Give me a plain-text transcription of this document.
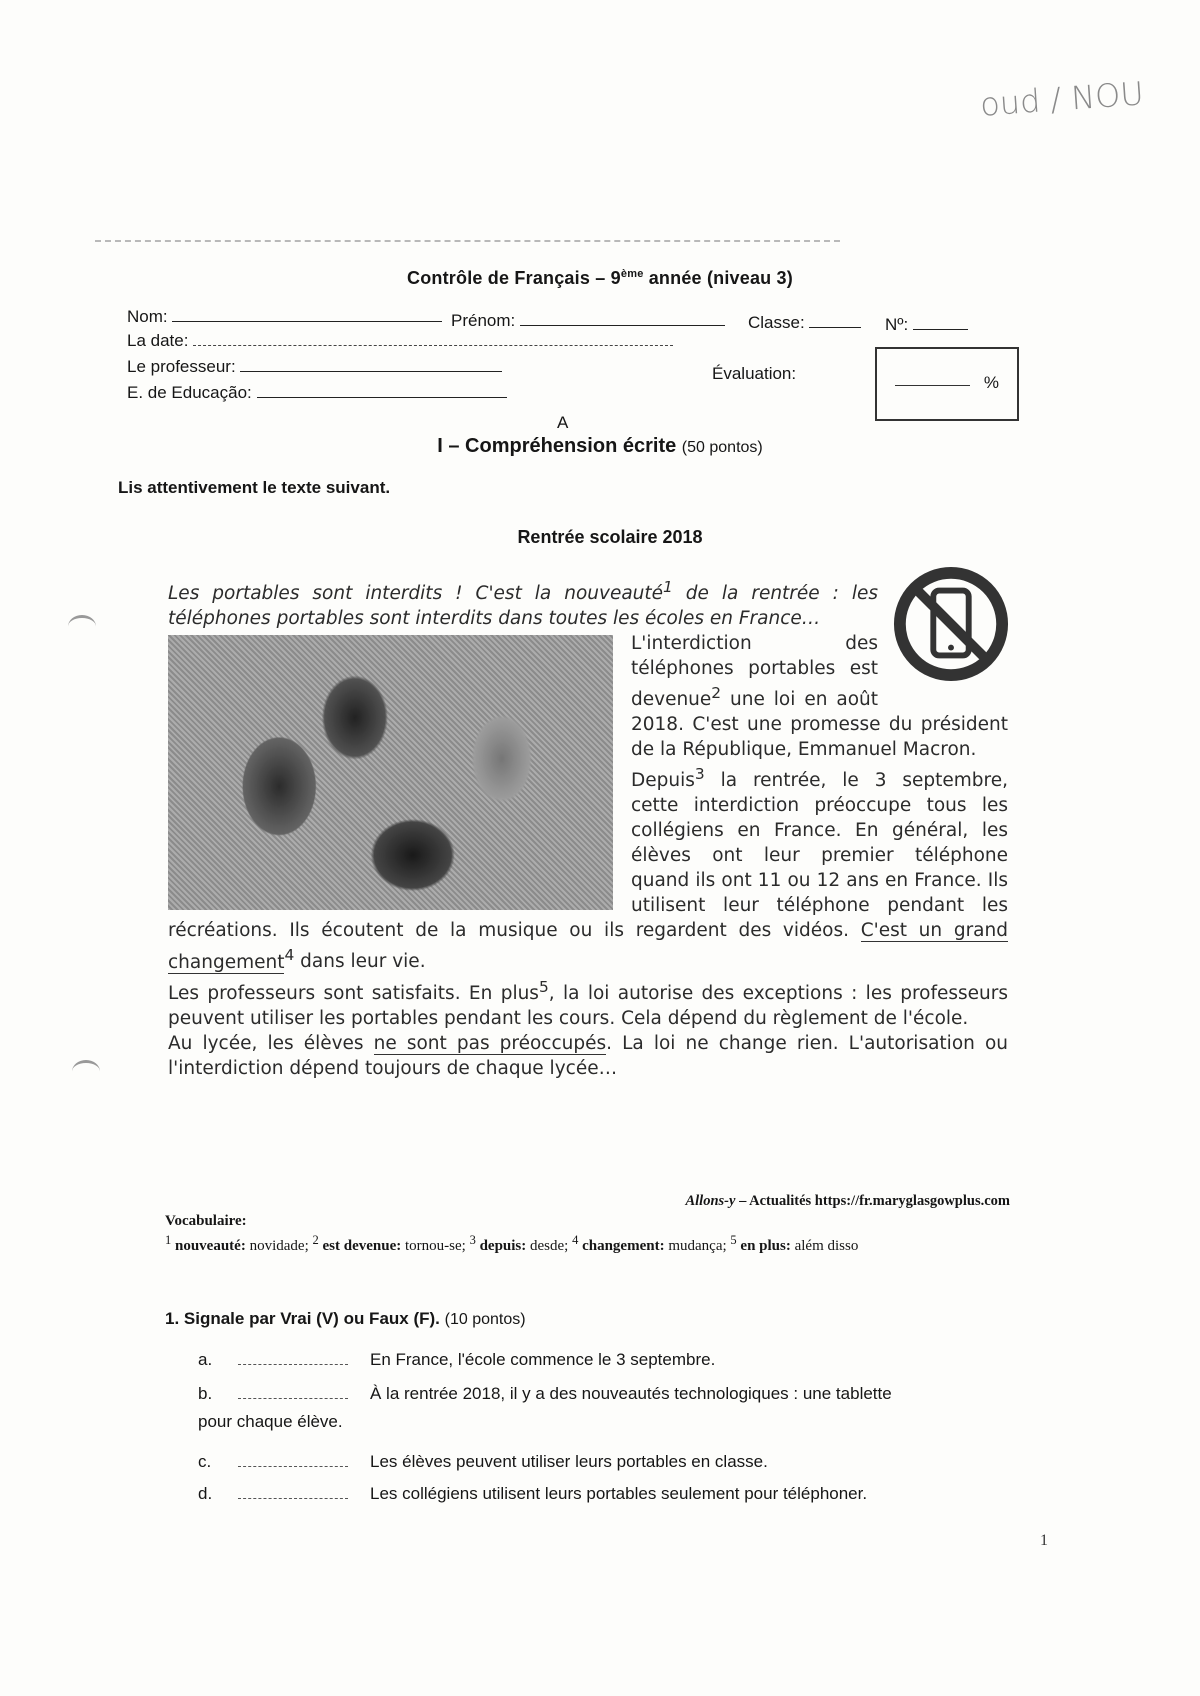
oud / NOU
Contrôle de Français – 9ème année (niveau 3)
Nom:	Prénom:	Classe:	Nº:
La date:
Le professeur:	Évaluation:
E. de Educação:
%
A
I – Compréhension écrite (50 pontos)
Lis attentivement le texte suivant.
Rentrée scolaire 2018

Les portables sont interdits ! C'est la nouveauté$^1$ de la rentrée : les téléphones portables sont interdits dans toutes les écoles en France…

L'interdiction des téléphones portables est devenue$^2$ une loi en août 2018. C'est une promesse du président de la République, Emmanuel Macron.

Depuis$^3$ la rentrée, le 3 septembre, cette interdiction préoccupe tous les collégiens en France. En général, les élèves ont leur premier téléphone quand ils ont 11 ou 12 ans en France. Ils utilisent leur téléphone pendant les récréations. Ils écoutent de la musique ou ils regardent des vidéos. C'est un grand changement$^4$ dans leur vie.

Les professeurs sont satisfaits. En plus$^5$, la loi autorise des exceptions : les professeurs peuvent utiliser les portables pendant les cours. Cela dépend du règlement de l'école.

Au lycée, les élèves ne sont pas préoccupés. La loi ne change rien. L'autorisation ou l'interdiction dépend toujours de chaque lycée…

Allons-y – Actualités https://fr.maryglasgowplus.com
Vocabulaire:
$^1$ nouveauté: novidade; $^2$ est devenue: tornou-se; $^3$ depuis: desde; $^4$ changement: mudança; $^5$ en plus: além disso
1. Signale par Vrai (V) ou Faux (F). (10 pontos)
a.	En France, l'école commence le 3 septembre.
b.	À la rentrée 2018, il y a des nouveautés technologiques : une tablette
pour chaque élève.
c.	Les élèves peuvent utiliser leurs portables en classe.
d.	Les collégiens utilisent leurs portables seulement pour téléphoner.
1
